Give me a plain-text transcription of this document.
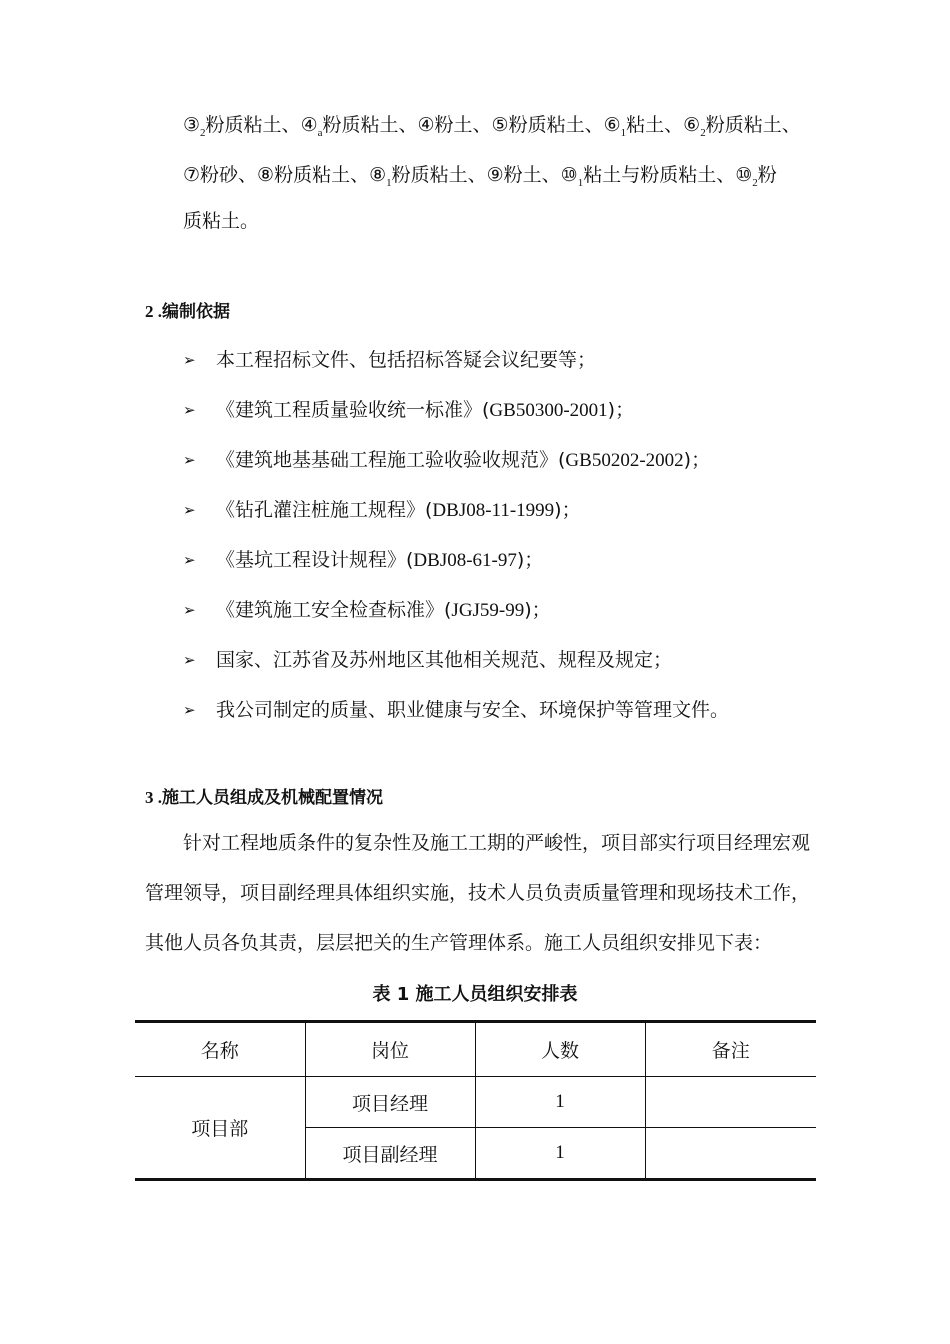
$③_2$粉质粘土、$④_a$粉质粘土、④粉土、⑤粉质粘土、$⑥_1$粘土、$⑥_2$粉质粘土、
⑦粉砂、⑧粉质粘土、$⑧_1$粉质粘土、⑨粉土、$⑩_1$粘土与粉质粘土、$⑩_2$粉
质粘土。
2 .编制依据
➢ 本工程招标文件、包括招标答疑会议纪要等；
➢ 《建筑工程质量验收统一标准》(GB50300-2001)；
➢ 《建筑地基基础工程施工验收验收规范》(GB50202-2002)；
➢ 《钻孔灌注桩施工规程》(DBJ08-11-1999)；
➢ 《基坑工程设计规程》(DBJ08-61-97)；
➢ 《建筑施工安全检查标准》(JGJ59-99)；
➢ 国家、江苏省及苏州地区其他相关规范、规程及规定；
➢ 我公司制定的质量、职业健康与安全、环境保护等管理文件。
3 .施工人员组成及机械配置情况
针对工程地质条件的复杂性及施工工期的严峻性，项目部实行项目经理宏观
管理领导，项目副经理具体组织实施，技术人员负责质量管理和现场技术工作，
其他人员各负其责，层层把关的生产管理体系。施工人员组织安排见下表：
表 1 施工人员组织安排表
名称	岗位	人数	备注
项目部	项目经理	1	
	项目副经理	1	
